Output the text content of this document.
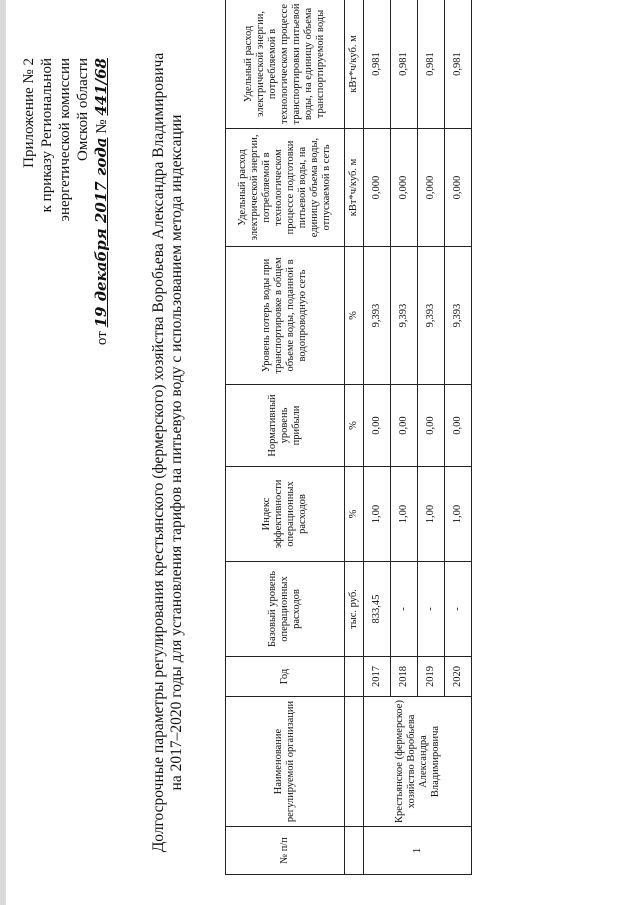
Приложение № 2 к приказу Региональной энергетической комиссии Омской области
от 19 декабря 2017 года № 441/68	Долгосрочные параметры регулирования крестьянского (фермерского) хозяйства Воробьева Александра Владимировича на 2017–2020 годы для установления тарифов на питьевую воду с использованием метода индексации
№ п/п	Наименование регулируемой организации	Год	Базовый уровень операционных расходов	Индекс эффективности операционных расходов	Нормативный уровень прибыли	Уровень потерь воды при транспортировке в общем объеме воды, поданной в водопроводную сеть	Удельный расход электрической энергии, потребляемой в технологическом процессе подготовки питьевой воды, на единицу объема воды, отпускаемой в сеть	Удельный расход электрической энергии, потребляемой в технологическом процессе транспортировки питьевой воды, на единицу объема транспортируемой воды
			тыс. руб.	%	%	%	кВт*ч/куб. м	кВт*ч/куб. м
1	Крестьянское (фермерское) хозяйство Воробьева Александра Владимировича	2017	833,45	1,00	0,00	9,393	0,000	0,981
		2018	-	1,00	0,00	9,393	0,000	0,981
		2019	-	1,00	0,00	9,393	0,000	0,981
		2020	-	1,00	0,00	9,393	0,000	0,981
